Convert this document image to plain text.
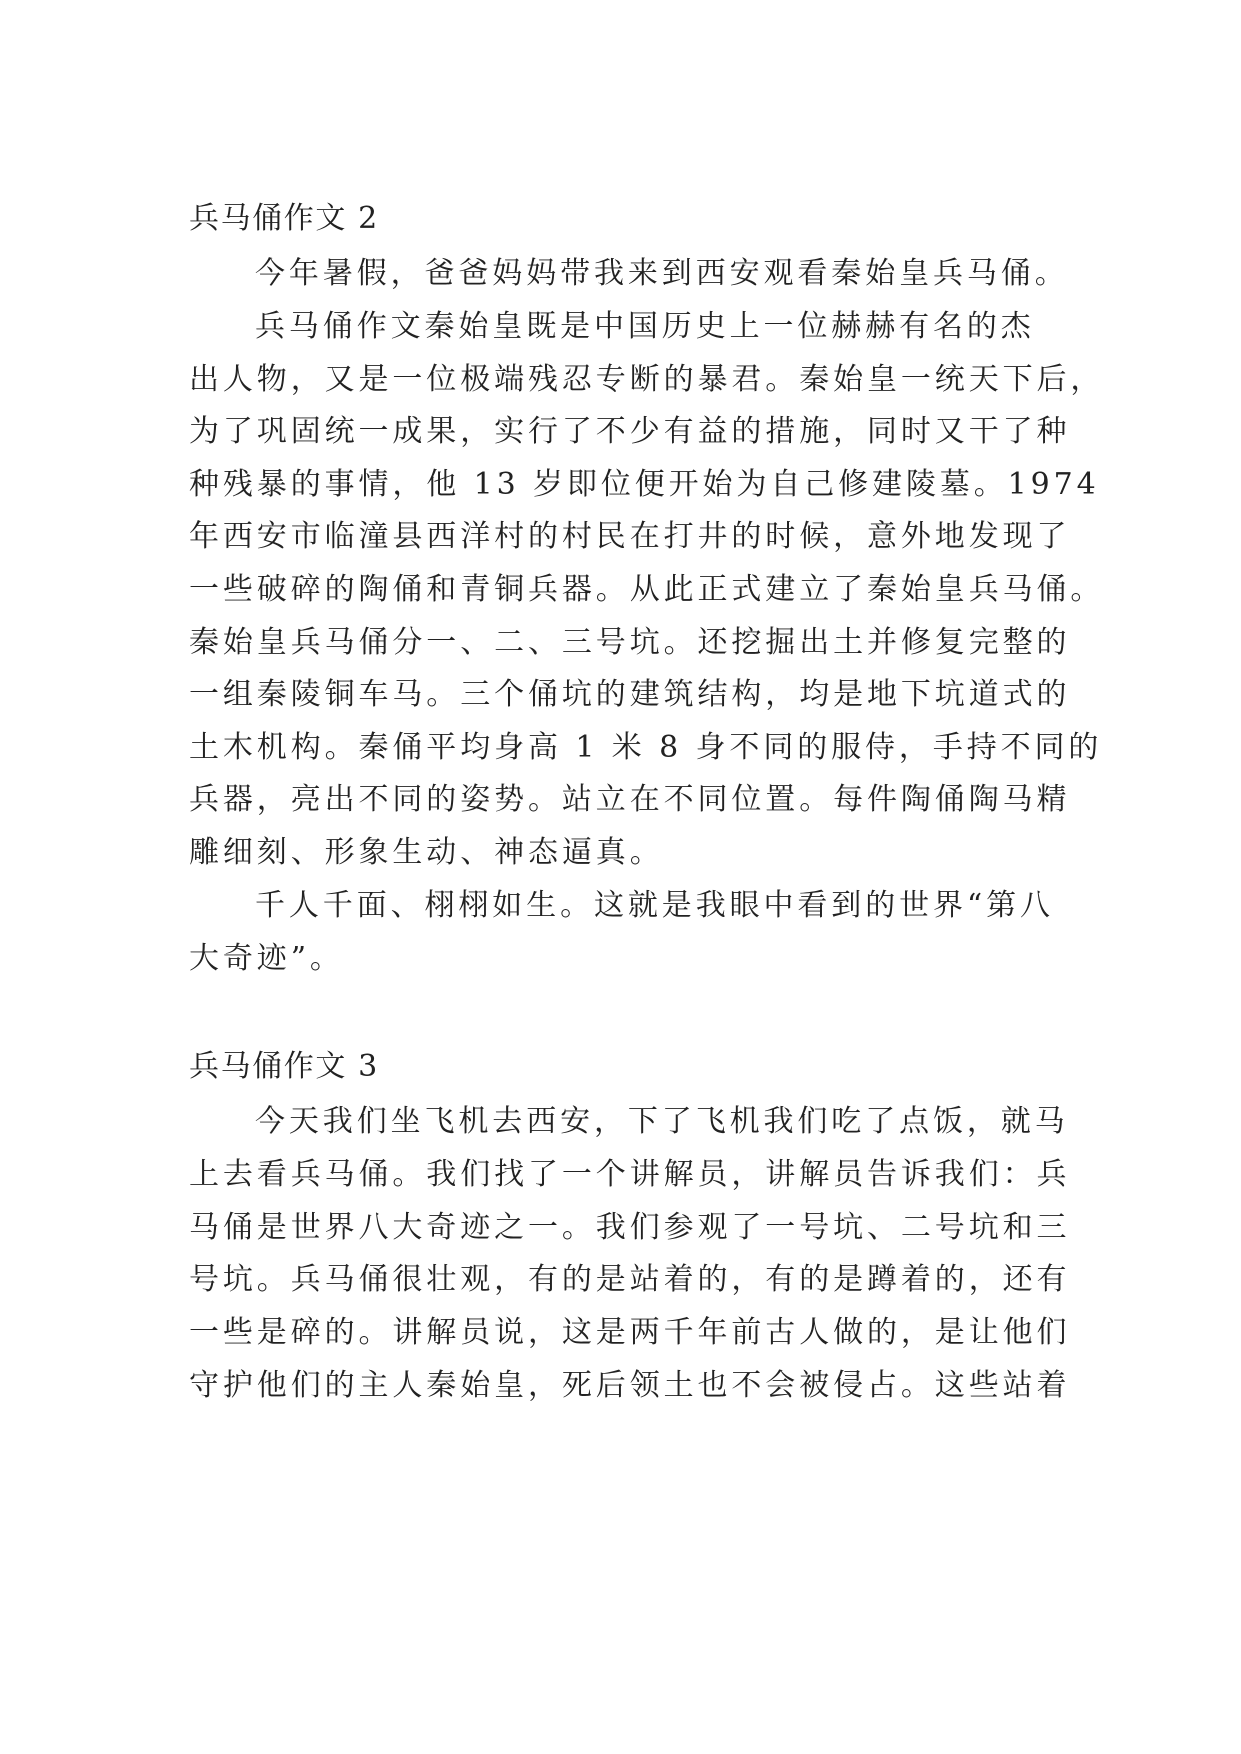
兵马俑作文 2
今年暑假，爸爸妈妈带我来到西安观看秦始皇兵马俑。
兵马俑作文秦始皇既是中国历史上一位赫赫有名的杰
出人物，又是一位极端残忍专断的暴君。秦始皇一统天下后，
为了巩固统一成果，实行了不少有益的措施，同时又干了种
种残暴的事情，他 13 岁即位便开始为自己修建陵墓。1974
年西安市临潼县西洋村的村民在打井的时候，意外地发现了
一些破碎的陶俑和青铜兵器。从此正式建立了秦始皇兵马俑。
秦始皇兵马俑分一、二、三号坑。还挖掘出土并修复完整的
一组秦陵铜车马。三个俑坑的建筑结构，均是地下坑道式的
土木机构。秦俑平均身高 1 米 8 身不同的服侍，手持不同的
兵器，亮出不同的姿势。站立在不同位置。每件陶俑陶马精
雕细刻、形象生动、神态逼真。
千人千面、栩栩如生。这就是我眼中看到的世界“第八
大奇迹”。
兵马俑作文 3
今天我们坐飞机去西安，下了飞机我们吃了点饭，就马
上去看兵马俑。我们找了一个讲解员，讲解员告诉我们：兵
马俑是世界八大奇迹之一。我们参观了一号坑、二号坑和三
号坑。兵马俑很壮观，有的是站着的，有的是蹲着的，还有
一些是碎的。讲解员说，这是两千年前古人做的，是让他们
守护他们的主人秦始皇，死后领土也不会被侵占。这些站着
